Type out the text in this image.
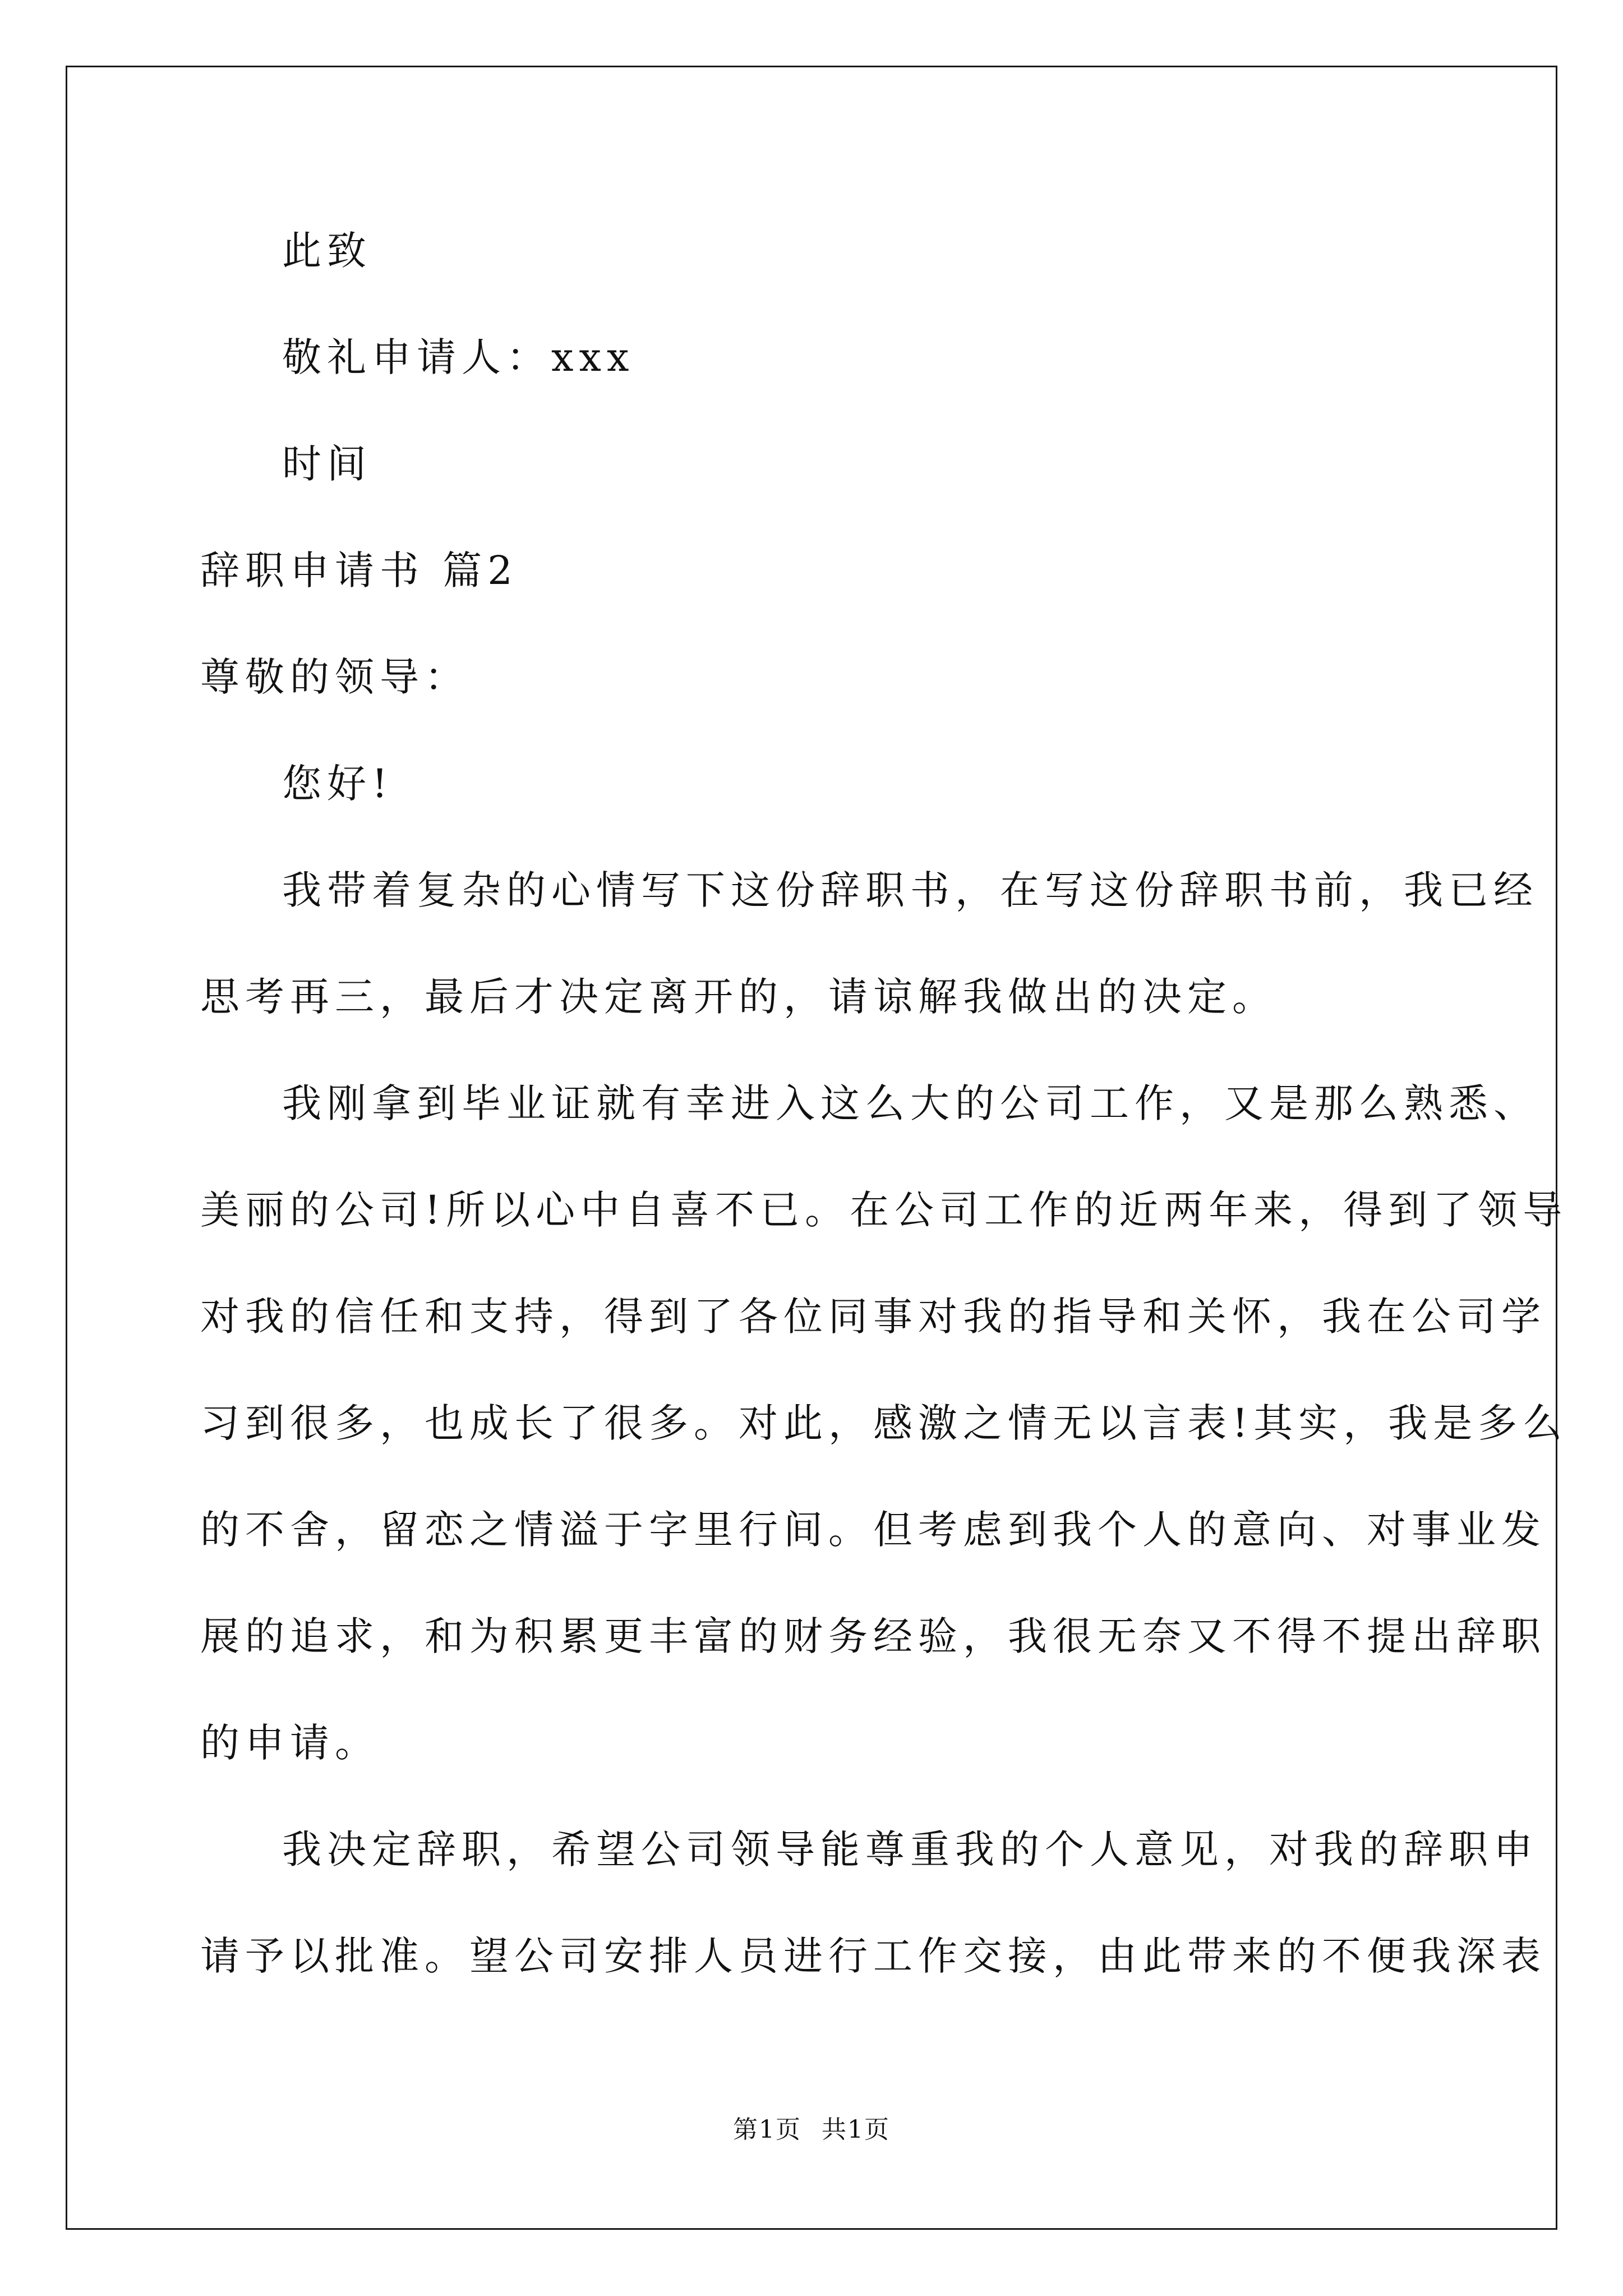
此致
敬礼申请人：xxx
时间
辞职申请书 篇2
尊敬的领导：
您好!
我带着复杂的心情写下这份辞职书，在写这份辞职书前，我已经
思考再三，最后才决定离开的，请谅解我做出的决定。
我刚拿到毕业证就有幸进入这么大的公司工作，又是那么熟悉、
美丽的公司!所以心中自喜不已。在公司工作的近两年来，得到了领导
对我的信任和支持，得到了各位同事对我的指导和关怀，我在公司学
习到很多，也成长了很多。对此，感激之情无以言表!其实，我是多么
的不舍，留恋之情溢于字里行间。但考虑到我个人的意向、对事业发
展的追求，和为积累更丰富的财务经验，我很无奈又不得不提出辞职
的申请。
我决定辞职，希望公司领导能尊重我的个人意见，对我的辞职申
请予以批准。望公司安排人员进行工作交接，由此带来的不便我深表
第1页 共1页
